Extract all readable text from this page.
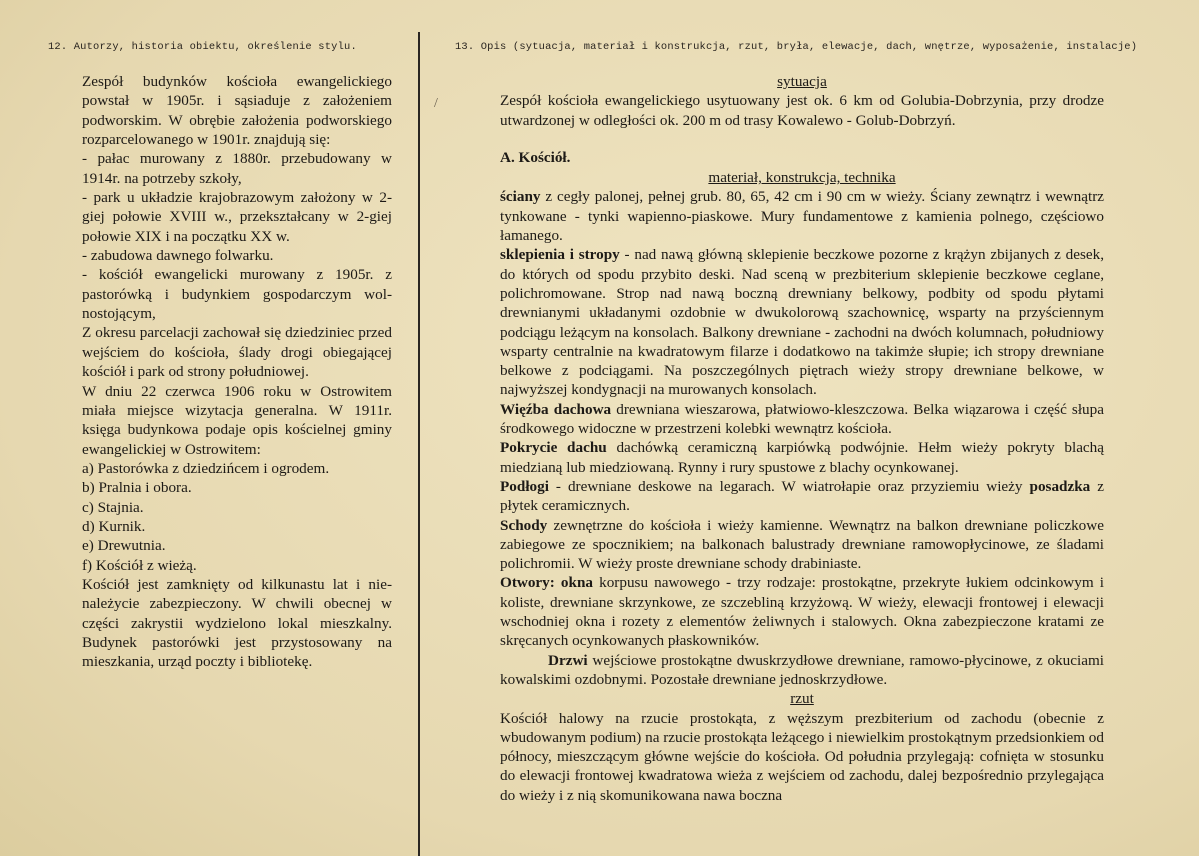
12. Autorzy, historia obiektu, określenie stylu.	13. Opis (sytuacja, materiał i konstrukcja, rzut, bryła, elewacje, dach, wnętrze, wyposażenie, instalacje)
/

Zespół budynków kościoła ewangelickiego powstał w 1905r. i sąsiaduje z założeniem podworskim. W obrębie założenia podworskiego rozparcelowanego w 1901r. znajdują się:

- pałac murowany z 1880r. przebudowany w 1914r. na potrzeby szkoły,

- park u układzie krajobrazowym założony w 2-giej połowie XVIII w., przekształcany w 2-giej połowie XIX i na początku XX w.

- zabudowa dawnego folwarku.

- kościół ewangelicki murowany z 1905r. z pastorówką i budynkiem gospodarczym wolnostojącym,

Z okresu parcelacji zachował się dziedziniec przed wejściem do kościoła, ślady drogi obiegającej kościół i park od strony południowej.

W dniu 22 czerwca 1906 roku w Ostrowitem miała miejsce wizytacja generalna. W 1911r. księga budynkowa podaje opis kościelnej gminy ewangelickiej w Ostrowitem:

a) Pastorówka z dziedzińcem i ogrodem.

b) Pralnia i obora.

c) Stajnia.

d) Kurnik.

e) Drewutnia.

f) Kościół z wieżą.

Kościół jest zamknięty od kilkunastu lat i nienależycie zabezpieczony. W chwili obecnej w części zakrystii wydzielono lokal mieszkalny. Budynek pastorówki jest przystosowany na mieszkania, urząd poczty i bibliotekę.

sytuacja

Zespół kościoła ewangelickiego usytuowany jest ok. 6 km od Golubia-Dobrzynia, przy drodze utwardzonej w odległości ok. 200 m od trasy Kowalewo - Golub-Dobrzyń.

A. Kościół.

materiał, konstrukcja, technika

ściany z cegły palonej, pełnej grub. 80, 65, 42 cm i 90 cm w wieży. Ściany zewnątrz i wewnątrz tynkowane - tynki wapienno-piaskowe. Mury fundamentowe z kamienia polnego, częściowo łamanego.

sklepienia i stropy - nad nawą główną sklepienie beczkowe pozorne z krążyn zbijanych z desek, do których od spodu przybito deski. Nad sceną w prezbiterium sklepienie beczkowe ceglane, polichromowane. Strop nad nawą boczną drewniany belkowy, podbity od spodu płytami drewnianymi układanymi ozdobnie w dwukolorową szachownicę, wsparty na przyściennym podciągu leżącym na konsolach. Balkony drewniane - zachodni na dwóch kolumnach, południowy wsparty centralnie na kwadratowym filarze i dodatkowo na takimże słupie; ich stropy drewniane belkowe z podciągami. Na poszczególnych piętrach wieży stropy drewniane belkowe, w najwyższej kondygnacji na murowanych konsolach.

Więźba dachowa drewniana wieszarowa, płatwiowo-kleszczowa. Belka wiązarowa i część słupa środkowego widoczne w przestrzeni kolebki wewnątrz kościoła.

Pokrycie dachu dachówką ceramiczną karpiówką podwójnie. Hełm wieży pokryty blachą miedzianą lub miedziowaną. Rynny i rury spustowe z blachy ocynkowanej.

Podłogi - drewniane deskowe na legarach. W wiatrołapie oraz przyziemiu wieży posadzka z płytek ceramicznych.

Schody zewnętrzne do kościoła i wieży kamienne. Wewnątrz na balkon drewniane policzkowe zabiegowe ze spocznikiem; na balkonach balustrady drewniane ramowopłycinowe, ze śladami polichromii. W wieży proste drewniane schody drabiniaste.

Otwory: okna korpusu nawowego - trzy rodzaje: prostokątne, przekryte łukiem odcinkowym i koliste, drewniane skrzynkowe, ze szczebliną krzyżową. W wieży, elewacji frontowej i elewacji wschodniej okna i rozety z elementów żeliwnych i stalowych. Okna zabezpieczone kratami ze skręcanych ocynkowanych płaskowników.

Drzwi wejściowe prostokątne dwuskrzydłowe drewniane, ramowo-płycinowe, z okuciami kowalskimi ozdobnymi. Pozostałe drewniane jednoskrzydłowe.

rzut

Kościół halowy na rzucie prostokąta, z węższym prezbiterium od zachodu (obecnie z wbudowanym podium) na rzucie prostokąta leżącego i niewielkim prostokątnym przedsionkiem od północy, mieszczącym główne wejście do kościoła. Od południa przylegają: cofnięta w stosunku do elewacji frontowej kwadratowa wieża z wejściem od zachodu, dalej bezpośrednio przylegająca do wieży i z nią skomunikowana nawa boczna
